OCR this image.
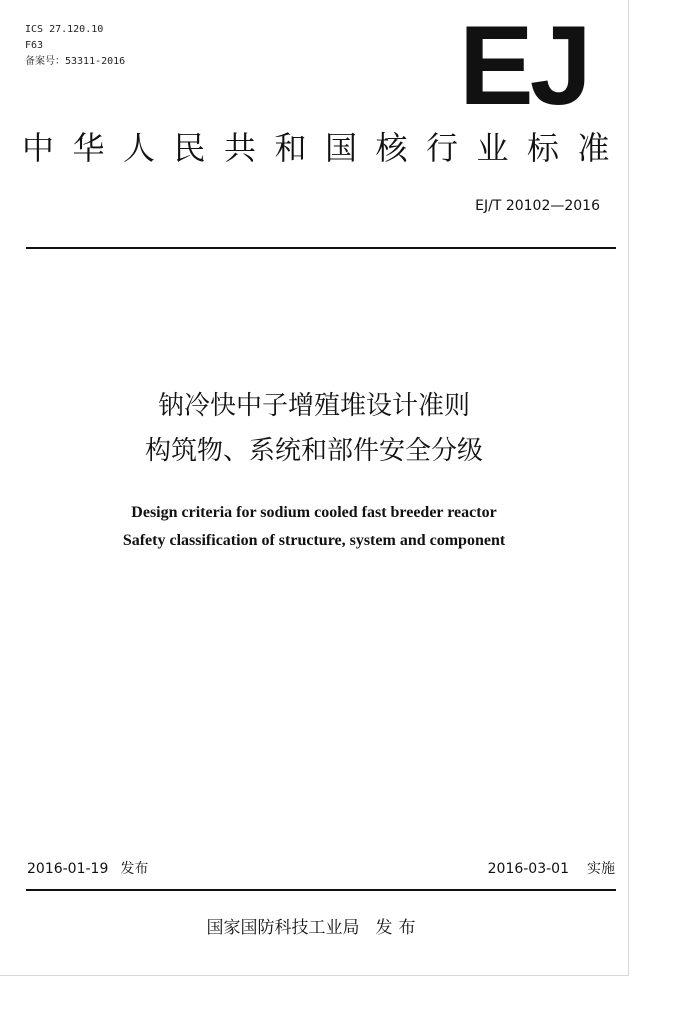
ICS 27.120.10
F63
备案号：53311-2016	EJ
中华人民共和国核行业标准
EJ/T 20102—2016
钠冷快中子增殖堆设计准则
构筑物、系统和部件安全分级
Design criteria for sodium cooled fast breeder reactor
Safety classification of structure, system and component
2016-01-19 发布	2016-03-01 实施
国家国防科技工业局 发布
